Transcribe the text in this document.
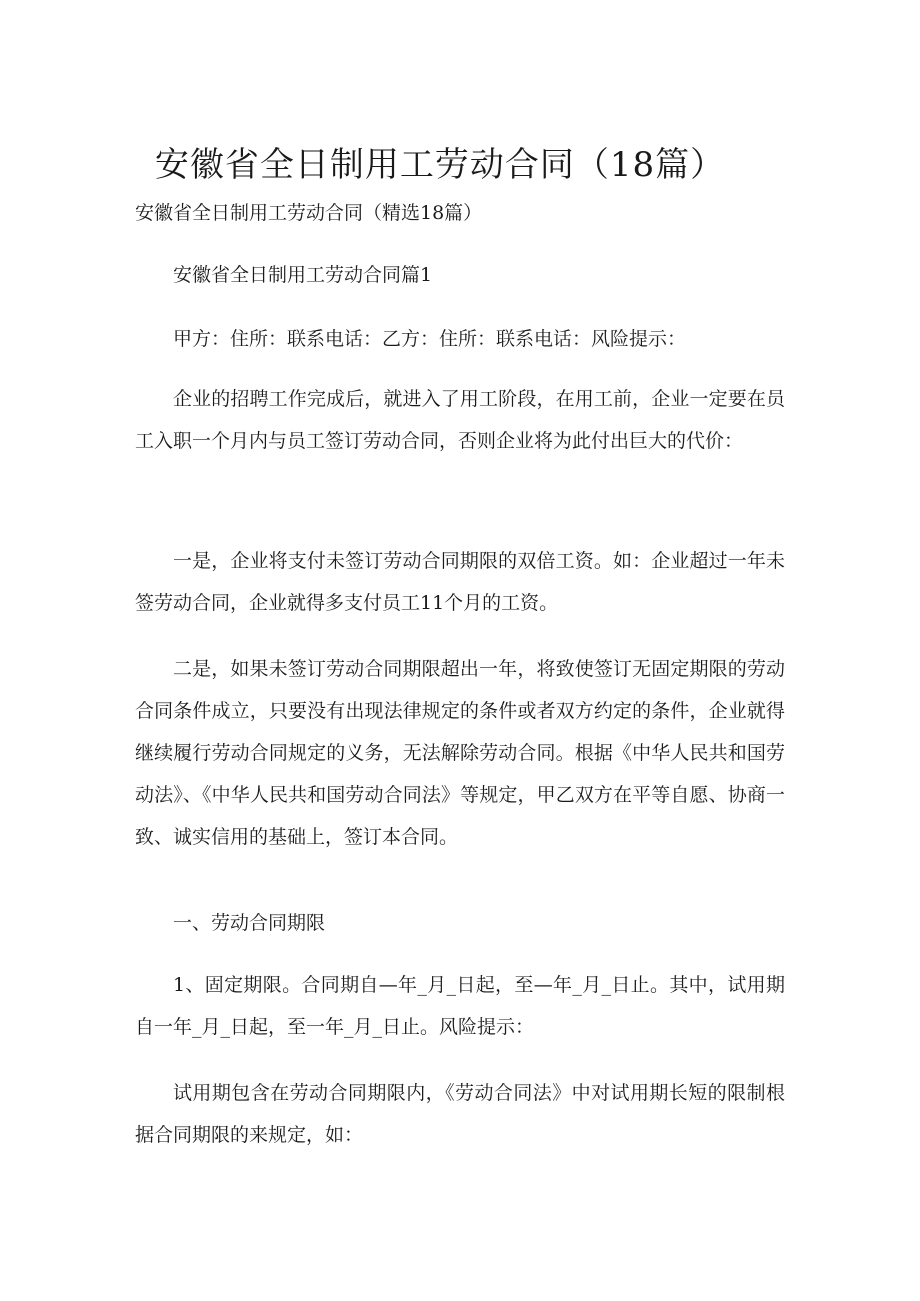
安徽省全日制用工劳动合同（18篇）

安徽省全日制用工劳动合同（精选18篇）

安徽省全日制用工劳动合同篇1

甲方：住所：联系电话：乙方：住所：联系电话：风险提示：

企业的招聘工作完成后，就进入了用工阶段，在用工前，企业一定要在员工入职一个月内与员工签订劳动合同，否则企业将为此付出巨大的代价：

一是，企业将支付未签订劳动合同期限的双倍工资。如：企业超过一年未签劳动合同，企业就得多支付员工11个月的工资。

二是，如果未签订劳动合同期限超出一年，将致使签订无固定期限的劳动合同条件成立，只要没有出现法律规定的条件或者双方约定的条件，企业就得继续履行劳动合同规定的义务，无法解除劳动合同。根据《中华人民共和国劳动法》、《中华人民共和国劳动合同法》等规定，甲乙双方在平等自愿、协商一致、诚实信用的基础上，签订本合同。

一、劳动合同期限

1、固定期限。合同期自—年_月_日起，至—年_月_日止。其中，试用期自一年_月_日起，至一年_月_日止。风险提示：

试用期包含在劳动合同期限内，《劳动合同法》中对试用期长短的限制根据合同期限的来规定，如：
